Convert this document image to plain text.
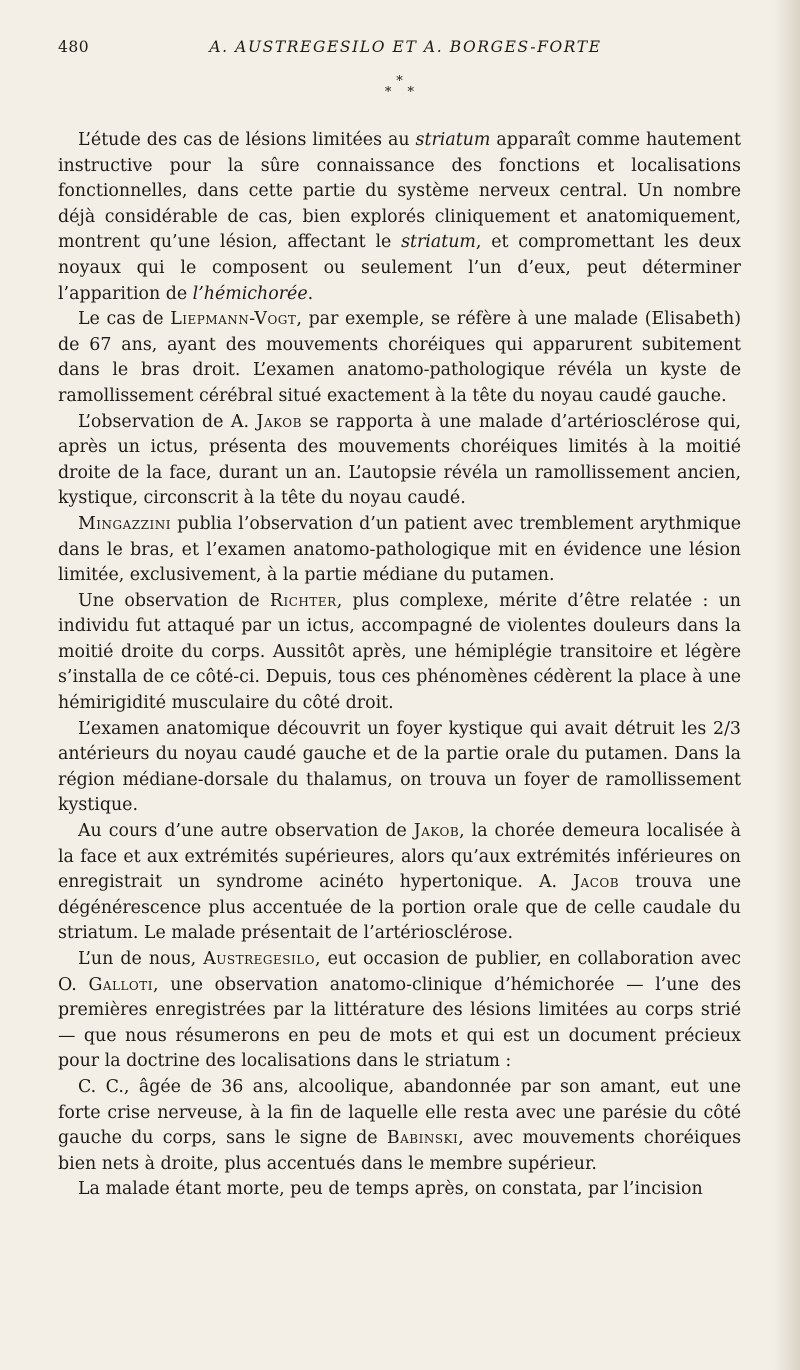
480	A. AUSTREGESILO ET A. BORGES-FORTE
*
* *

L’étude des cas de lésions limitées au striatum apparaît comme hautement instructive pour la sûre connaissance des fonctions et localisations fonctionnelles, dans cette partie du système nerveux central. Un nombre déjà considérable de cas, bien explorés cliniquement et anatomiquement, montrent qu’une lésion, affectant le striatum, et compromettant les deux noyaux qui le composent ou seulement l’un d’eux, peut déterminer l’apparition de l’hémichorée.

Le cas de Liepmann-Vogt, par exemple, se réfère à une malade (Elisabeth) de 67 ans, ayant des mouvements choréiques qui apparurent subitement dans le bras droit. L’examen anatomo-pathologique révéla un kyste de ramollissement cérébral situé exactement à la tête du noyau caudé gauche.

L’observation de A. Jakob se rapporta à une malade d’artériosclérose qui, après un ictus, présenta des mouvements choréiques limités à la moitié droite de la face, durant un an. L’autopsie révéla un ramollissement ancien, kystique, circonscrit à la tête du noyau caudé.

Mingazzini publia l’observation d’un patient avec tremblement arythmique dans le bras, et l’examen anatomo-pathologique mit en évidence une lésion limitée, exclusivement, à la partie médiane du putamen.

Une observation de Richter, plus complexe, mérite d’être relatée : un individu fut attaqué par un ictus, accompagné de violentes douleurs dans la moitié droite du corps. Aussitôt après, une hémiplégie transitoire et légère s’installa de ce côté-ci. Depuis, tous ces phénomènes cédèrent la place à une hémirigidité musculaire du côté droit.

L’examen anatomique découvrit un foyer kystique qui avait détruit les 2/3 antérieurs du noyau caudé gauche et de la partie orale du putamen. Dans la région médiane-dorsale du thalamus, on trouva un foyer de ramollissement kystique.

Au cours d’une autre observation de Jakob, la chorée demeura localisée à la face et aux extrémités supérieures, alors qu’aux extrémités inférieures on enregistrait un syndrome acinéto hypertonique. A. Jacob trouva une dégénérescence plus accentuée de la portion orale que de celle caudale du striatum. Le malade présentait de l’artériosclérose.

L’un de nous, Austregesilo, eut occasion de publier, en collaboration avec O. Galloti, une observation anatomo-clinique d’hémichorée — l’une des premières enregistrées par la littérature des lésions limitées au corps strié — que nous résumerons en peu de mots et qui est un document précieux pour la doctrine des localisations dans le striatum :

C. C., âgée de 36 ans, alcoolique, abandonnée par son amant, eut une forte crise nerveuse, à la fin de laquelle elle resta avec une parésie du côté gauche du corps, sans le signe de Babinski, avec mouvements choréiques bien nets à droite, plus accentués dans le membre supérieur.

La malade étant morte, peu de temps après, on constata, par l’incision
